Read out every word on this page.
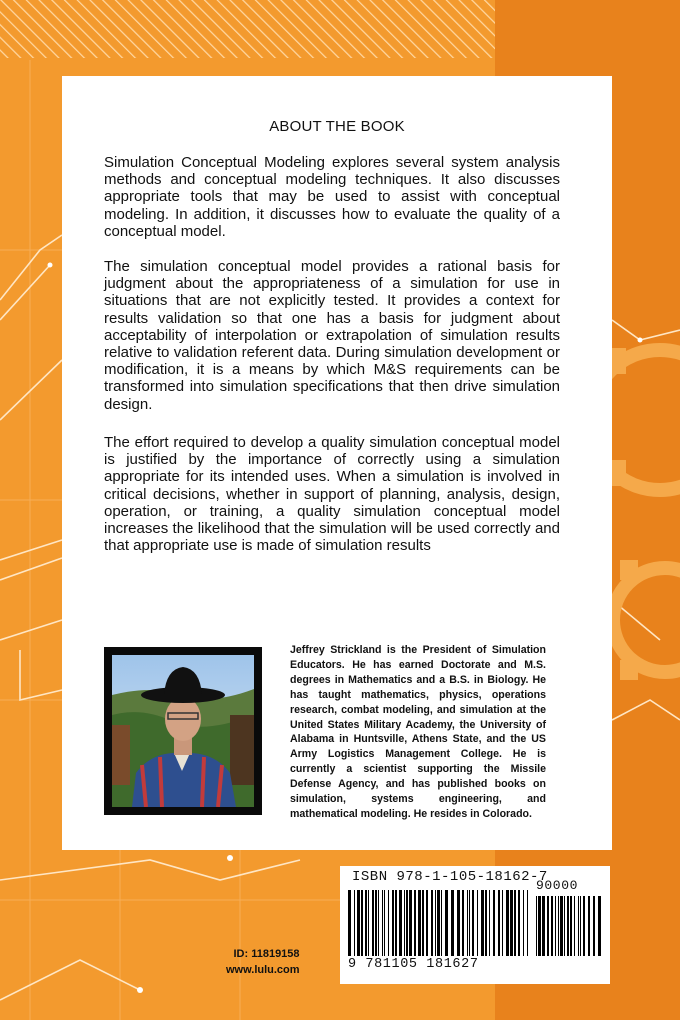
ABOUT THE BOOK

Simulation Conceptual Modeling explores several system analysis methods and conceptual modeling techniques. It also discusses appropriate tools that may be used to assist with conceptual modeling. In addition, it discusses how to evaluate the quality of a conceptual model.

The simulation conceptual model provides a rational basis for judgment about the appropriateness of a simulation for use in situations that are not explicitly tested. It provides a context for results validation so that one has a basis for judgment about acceptability of interpolation or extrapolation of simulation results relative to validation referent data. During simulation development or modification, it is a means by which M&S requirements can be transformed into simulation specifications that then drive simulation design.

The effort required to develop a quality simulation conceptual model is justified by the importance of correctly using a simulation appropriate for its intended uses. When a simulation is involved in critical decisions, whether in support of planning, analysis, design, operation, or training, a quality simulation conceptual model increases the likelihood that the simulation will be used correctly and that appropriate use is made of simulation results

Jeffrey Strickland is the President of Simulation Educators. He has earned Doctorate and M.S. degrees in Mathematics and a B.S. in Biology. He has taught mathematics, physics, operations research, combat modeling, and simulation at the United States Military Academy, the University of Alabama in Huntsville, Athens State, and the US Army Logistics Management College. He is currently a scientist supporting the Missile Defense Agency, and has published books on simulation, systems engineering, and mathematical modeling. He resides in Colorado.

ISBN 978-1-105-18162-7
90000
9 781105 181627
ID: 11819158
www.lulu.com
